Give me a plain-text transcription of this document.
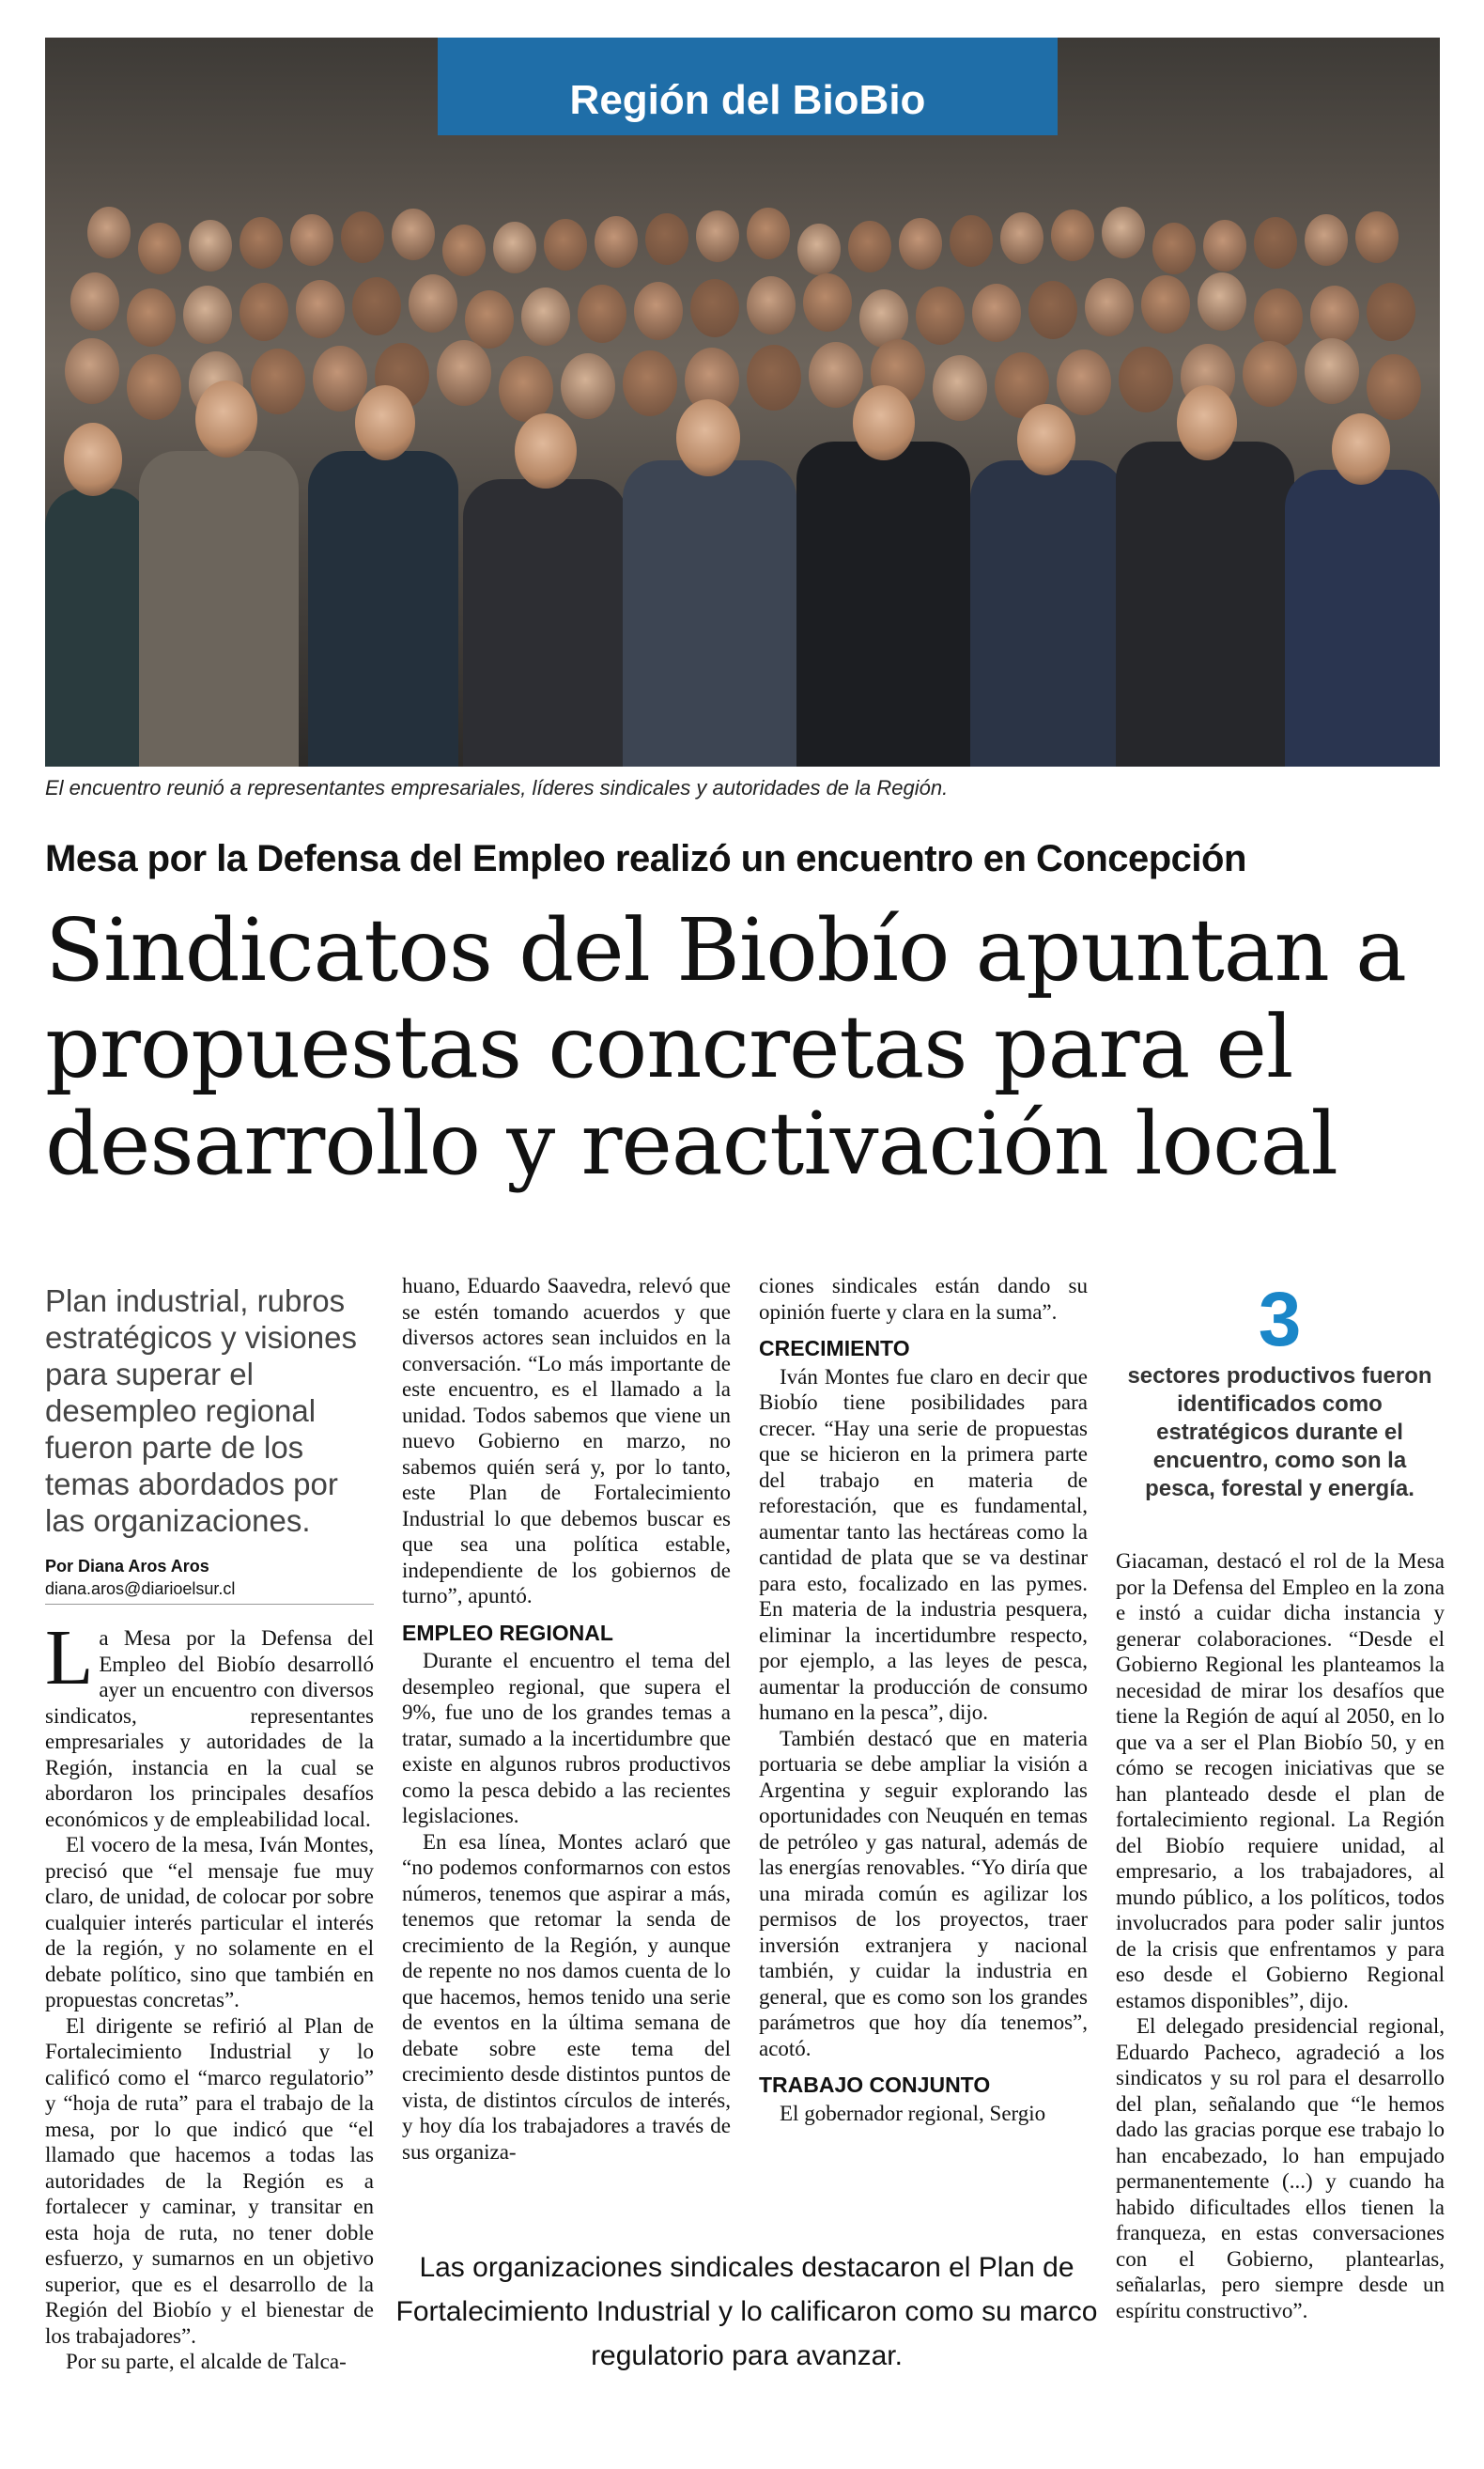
Región del BioBio
El encuentro reunió a representantes empresariales, líderes sindicales y autoridades de la Región.
Mesa por la Defensa del Empleo realizó un encuentro en Concepción
Sindicatos del Biobío apuntan a propuestas concretas para el desarrollo y reactivación local
Plan industrial, rubros estratégicos y visiones para superar el desempleo regional fueron parte de los temas abordados por las organizaciones.
Por Diana Aros Aros
diana.aros@diarioelsur.cl

La Mesa por la Defensa del Empleo del Biobío desarrolló ayer un encuentro con diversos sindicatos, representantes empresariales y autoridades de la Región, instancia en la cual se abordaron los principales desafíos económicos y de empleabilidad local.

El vocero de la mesa, Iván Montes, precisó que “el mensaje fue muy claro, de unidad, de colocar por sobre cualquier interés particular el interés de la región, y no solamente en el debate político, sino que también en propuestas concretas”.

El dirigente se refirió al Plan de Fortalecimiento Industrial y lo calificó como el “marco regulatorio” y “hoja de ruta” para el trabajo de la mesa, por lo que indicó que “el llamado que hacemos a todas las autoridades de la Región es a fortalecer y caminar, y transitar en esta hoja de ruta, no tener doble esfuerzo, y sumarnos en un objetivo superior, que es el desarrollo de la Región del Biobío y el bienestar de los trabajadores”.

Por su parte, el alcalde de Talca-

huano, Eduardo Saavedra, relevó que se estén tomando acuerdos y que diversos actores sean incluidos en la conversación. “Lo más importante de este encuentro, es el llamado a la unidad. Todos sabemos que viene un nuevo Gobierno en marzo, no sabemos quién será y, por lo tanto, este Plan de Fortalecimiento Industrial lo que debemos buscar es que sea una política estable, independiente de los gobiernos de turno”, apuntó.

EMPLEO REGIONAL

Durante el encuentro el tema del desempleo regional, que supera el 9%, fue uno de los grandes temas a tratar, sumado a la incertidumbre que existe en algunos rubros productivos como la pesca debido a las recientes legislaciones.

En esa línea, Montes aclaró que “no podemos conformarnos con estos números, tenemos que aspirar a más, tenemos que retomar la senda de crecimiento de la Región, y aunque de repente no nos damos cuenta de lo que hacemos, hemos tenido una serie de eventos en la última semana de debate sobre este tema del crecimiento desde distintos puntos de vista, de distintos círculos de interés, y hoy día los trabajadores a través de sus organiza-

ciones sindicales están dando su opinión fuerte y clara en la suma”.

CRECIMIENTO

Iván Montes fue claro en decir que Biobío tiene posibilidades para crecer. “Hay una serie de propuestas que se hicieron en la primera parte del trabajo en materia de reforestación, que es fundamental, aumentar tanto las hectáreas como la cantidad de plata que se va destinar para esto, focalizado en las pymes. En materia de la industria pesquera, eliminar la incertidumbre respecto, por ejemplo, a las leyes de pesca, aumentar la producción de consumo humano en la pesca”, dijo.

También destacó que en materia portuaria se debe ampliar la visión a Argentina y seguir explorando las oportunidades con Neuquén en temas de petróleo y gas natural, además de las energías renovables. “Yo diría que una mirada común es agilizar los permisos de los proyectos, traer inversión extranjera y nacional también, y cuidar la industria en general, que es como son los grandes parámetros que hoy día tenemos”, acotó.

TRABAJO CONJUNTO

El gobernador regional, Sergio

3
sectores productivos fueron identificados como estratégicos durante el encuentro, como son la pesca, forestal y energía.

Giacaman, destacó el rol de la Mesa por la Defensa del Empleo en la zona e instó a cuidar dicha instancia y generar colaboraciones. “Desde el Gobierno Regional les planteamos la necesidad de mirar los desafíos que tiene la Región de aquí al 2050, en lo que va a ser el Plan Biobío 50, y en cómo se recogen iniciativas que se han planteado desde el plan de fortalecimiento regional. La Región del Biobío requiere unidad, al empresario, a los trabajadores, al mundo público, a los políticos, todos involucrados para poder salir juntos de la crisis que enfrentamos y para eso desde el Gobierno Regional estamos disponibles”, dijo.

El delegado presidencial regional, Eduardo Pacheco, agradeció a los sindicatos y su rol para el desarrollo del plan, señalando que “le hemos dado las gracias porque ese trabajo lo han encabezado, lo han empujado permanentemente (...) y cuando ha habido dificultades ellos tienen la franqueza, en estas conversaciones con el Gobierno, plantearlas, señalarlas, pero siempre desde un espíritu constructivo”.

Las organizaciones sindicales destacaron el Plan de Fortalecimiento Industrial y lo calificaron como su marco regulatorio para avanzar.
